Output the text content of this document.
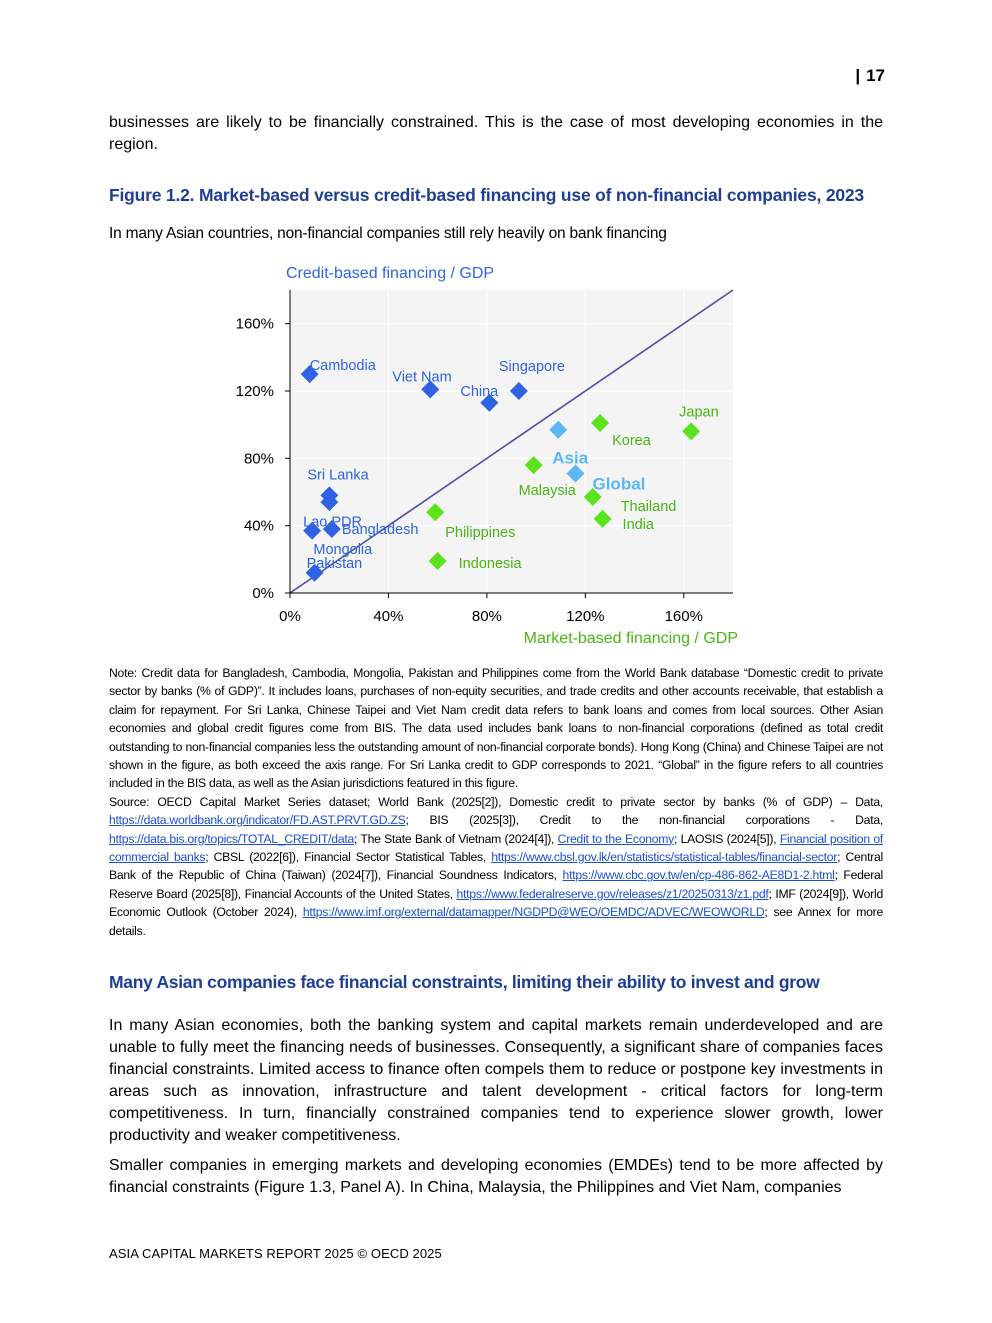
| 17

businesses are likely to be financially constrained. This is the case of most developing economies in the region.

Figure 1.2. Market-based versus credit-based financing use of non-financial companies, 2023

In many Asian countries, non-financial companies still rely heavily on bank financing

0%
40%
80%
120%
160%
0%	40%	80%	120%	160%
Cambodia
Viet Nam
China
Singapore
Sri Lanka
Lao PDR
Bangladesh
Mongolia
Pakistan
Asia
Global
Korea
Japan
Malaysia
Thailand
India
Philippines
Indonesia
Credit-based financing / GDP
Market-based financing / GDP
Note: Credit data for Bangladesh, Cambodia, Mongolia, Pakistan and Philippines come from the World Bank database “Domestic credit to private sector by banks (% of GDP)”. It includes loans, purchases of non-equity securities, and trade credits and other accounts receivable, that establish a claim for repayment. For Sri Lanka, Chinese Taipei and Viet Nam credit data refers to bank loans and comes from local sources. Other Asian economies and global credit figures come from BIS. The data used includes bank loans to non-financial corporations (defined as total credit outstanding to non-financial companies less the outstanding amount of non-financial corporate bonds). Hong Kong (China) and Chinese Taipei are not shown in the figure, as both exceed the axis range. For Sri Lanka credit to GDP corresponds to 2021. “Global” in the figure refers to all countries included in the BIS data, as well as the Asian jurisdictions featured in this figure.
Source: OECD Capital Market Series dataset; World Bank (2025[2]), Domestic credit to private sector by banks (% of GDP) – Data, https://data.worldbank.org/indicator/FD.AST.PRVT.GD.ZS; BIS (2025[3]), Credit to the non-financial corporations - Data, https://data.bis.org/topics/TOTAL_CREDIT/data; The State Bank of Vietnam (2024[4]), Credit to the Economy; LAOSIS (2024[5]), Financial position of commercial banks; CBSL (2022[6]), Financial Sector Statistical Tables, https://www.cbsl.gov.lk/en/statistics/statistical-tables/financial-sector; Central Bank of the Republic of China (Taiwan) (2024[7]), Financial Soundness Indicators, https://www.cbc.gov.tw/en/cp-486-862-AE8D1-2.html; Federal Reserve Board (2025[8]), Financial Accounts of the United States, https://www.federalreserve.gov/releases/z1/20250313/z1.pdf; IMF (2024[9]), World Economic Outlook (October 2024), https://www.imf.org/external/datamapper/NGDPD@WEO/OEMDC/ADVEC/WEOWORLD; see Annex for more details.
Many Asian companies face financial constraints, limiting their ability to invest and grow

In many Asian economies, both the banking system and capital markets remain underdeveloped and are unable to fully meet the financing needs of businesses. Consequently, a significant share of companies faces financial constraints. Limited access to finance often compels them to reduce or postpone key investments in areas such as innovation, infrastructure and talent development - critical factors for long-term competitiveness. In turn, financially constrained companies tend to experience slower growth, lower productivity and weaker competitiveness.

Smaller companies in emerging markets and developing economies (EMDEs) tend to be more affected by financial constraints (Figure 1.3, Panel A). In China, Malaysia, the Philippines and Viet Nam, companies

ASIA CAPITAL MARKETS REPORT 2025 © OECD 2025
